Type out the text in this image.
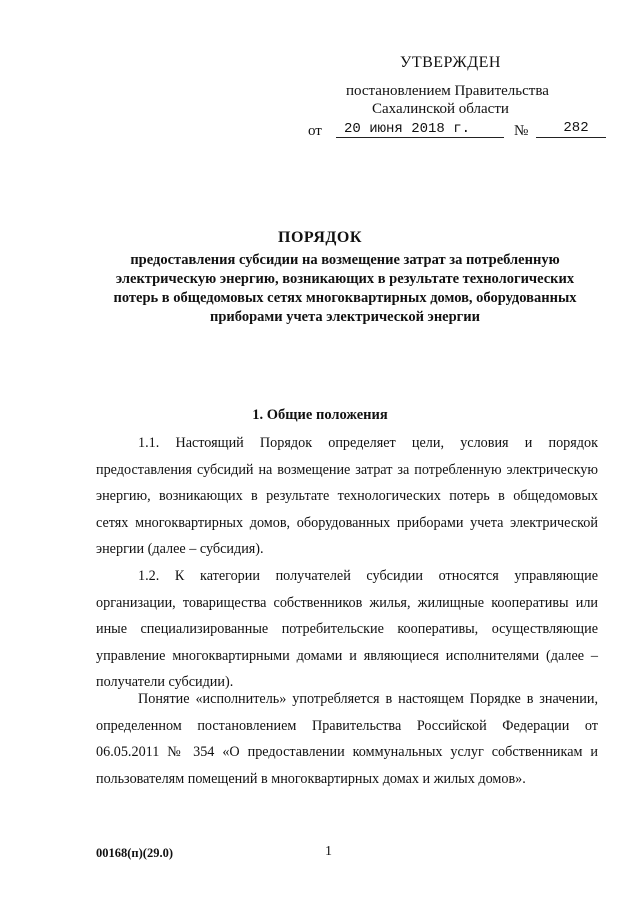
УТВЕРЖДЕН
постановлением Правительства
Сахалинской области
от	20 июня 2018 г.	№	282
ПОРЯДОК
предоставления субсидии на возмещение затрат за потребленную электрическую энергию, возникающих в результате технологических потерь в общедомовых сетях многоквартирных домов, оборудованных приборами учета электрической энергии
1. Общие положения
1.1. Настоящий Порядок определяет цели, условия и порядок предоставления субсидий на возмещение затрат за потребленную электрическую энергию, возникающих в результате технологических потерь в общедомовых сетях многоквартирных домов, оборудованных приборами учета электрической энергии (далее – субсидия).
1.2. К категории получателей субсидии относятся управляющие организации, товарищества собственников жилья, жилищные кооперативы или иные специализированные потребительские кооперативы, осуществляющие управление многоквартирными домами и являющиеся исполнителями (далее – получатели субсидии).
Понятие «исполнитель» употребляется в настоящем Порядке в значении, определенном постановлением Правительства Российской Федерации от 06.05.2011 № 354 «О предоставлении коммунальных услуг собственникам и пользователям помещений в многоквартирных домах и жилых домов».
00168(п)(29.0)	1
